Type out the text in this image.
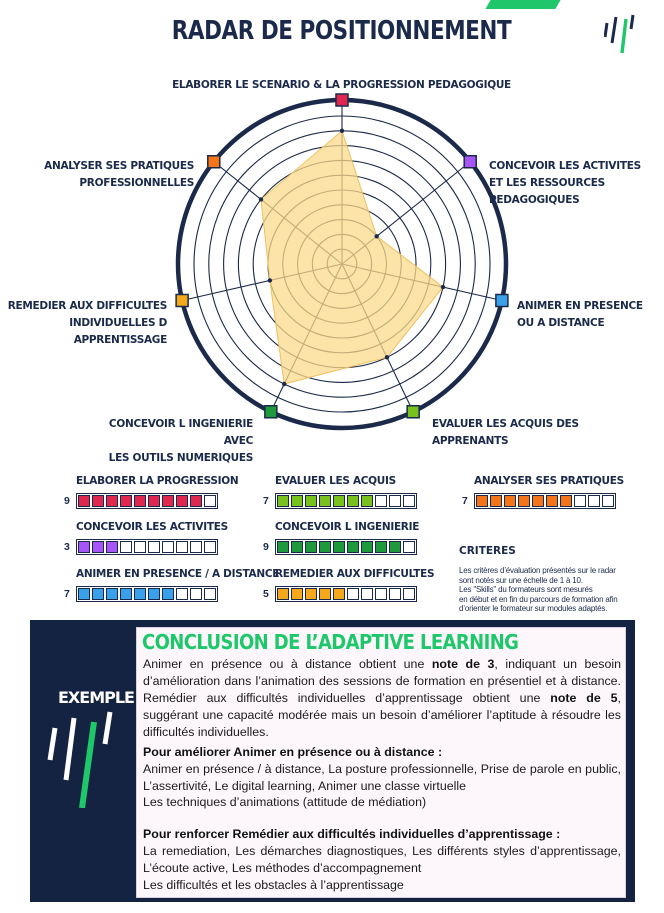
RADAR DE POSITIONNEMENT
ELABORER LE SCENARIO & LA PROGRESSION PEDAGOGIQUE
CONCEVOIR LES ACTIVITES
ET LES RESSOURCES PEDAGOGIQUES
ANIMER EN PRESENCE
OU A DISTANCE
EVALUER LES ACQUIS DES APPRENANTS
CONCEVOIR L INGENIERIE AVEC
LES OUTILS NUMERIQUES
REMEDIER AUX DIFFICULTES
INDIVIDUELLES D APPRENTISSAGE
ANALYSER SES PRATIQUES
PROFESSIONNELLES
ELABORER LA PROGRESSION
9
EVALUER LES ACQUIS
7
ANALYSER SES PRATIQUES
7
CONCEVOIR LES ACTIVITES
3
CONCEVOIR L INGENIERIE
9
ANIMER EN PRESENCE / A DISTANCE
7
REMEDIER AUX DIFFICULTES
5
CRITERES
Les critères d’évaluation présentés sur le radar
sont notés sur une échelle de 1 à 10.
Les "Skills" du formateurs sont mesurés
en début et en fin du parcours de formation afin
d’orienter le formateur sur modules adaptés.
EXEMPLE
CONCLUSION DE L’ADAPTIVE LEARNING
Animer en présence ou à distance obtient une note de 3, indiquant un besoin d’amélioration dans l’animation des sessions de formation en présentiel et à distance. Remédier aux difficultés individuelles d’apprentissage obtient une note de 5, suggérant une capacité modérée mais un besoin d’améliorer l’aptitude à résoudre les difficultés individuelles.
Pour améliorer Animer en présence ou à distance :
Animer en présence / à distance, La posture professionnelle, Prise de parole en public, L’assertivité, Le digital learning, Animer une classe virtuelle
Les techniques d’animations (attitude de médiation)
Pour renforcer Remédier aux difficultés individuelles d’apprentissage :
La remediation, Les démarches diagnostiques, Les différents styles d’apprentissage, L’écoute active, Les méthodes d’accompagnement
Les difficultés et les obstacles à l’apprentissage
